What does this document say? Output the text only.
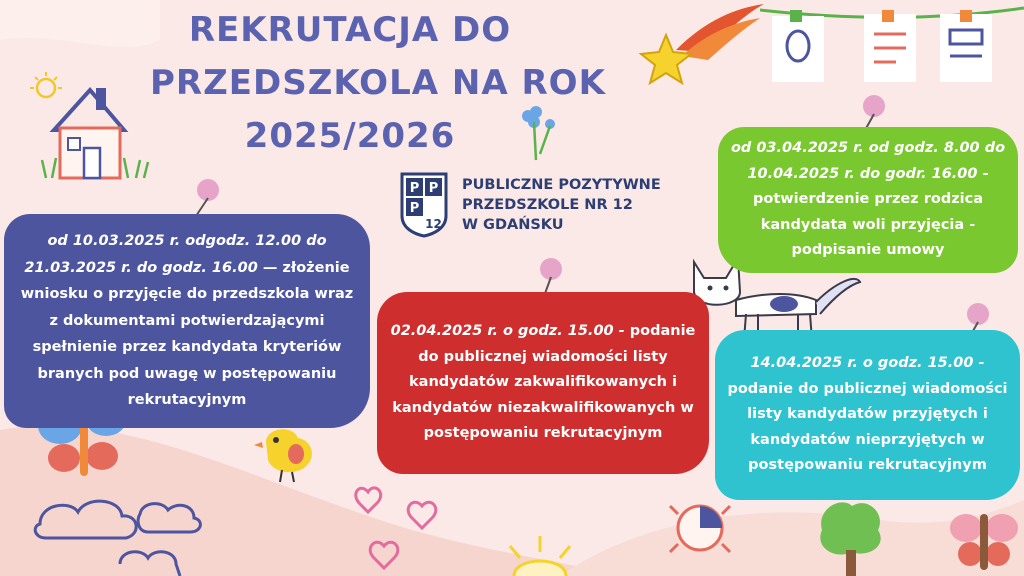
REKRUTACJA DO
PRZEDSZKOLA NA ROK
2025/2026
P P
P
12
PUBLICZNE POZYTYWNE
PRZEDSZKOLE NR 12
W GDAŃSKU

od 10.03.2025 r. odgodz. 12.00 do 21.03.2025 r. do godz. 16.00 — złożenie wniosku o przyjęcie do przedszkola wraz z dokumentami potwierdzającymi spełnienie przez kandydata kryteriów branych pod uwagę w postępowaniu rekrutacyjnym

02.04.2025 r. o godz. 15.00 - podanie do publicznej wiadomości listy kandydatów zakwalifikowanych i kandydatów niezakwalifikowanych w postępowaniu rekrutacyjnym

od 03.04.2025 r. od godz. 8.00 do 10.04.2025 r. do godr. 16.00 - potwierdzenie przez rodzica kandydata woli przyjęcia - podpisanie umowy

14.04.2025 r. o godz. 15.00 - podanie do publicznej wiadomości listy kandydatów przyjętych i kandydatów nieprzyjętych w postępowaniu rekrutacyjnym
